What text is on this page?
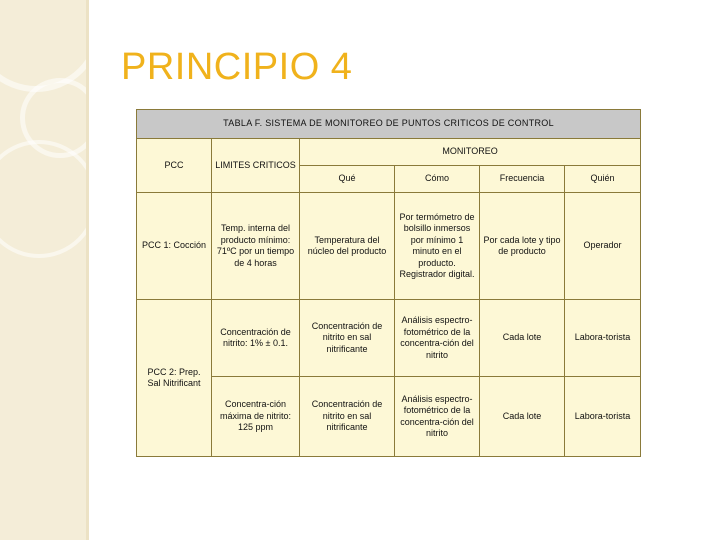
PRINCIPIO 4
TABLA F. SISTEMA DE MONITOREO DE PUNTOS CRITICOS DE CONTROL					
PCC	LIMITES CRITICOS	MONITOREO			
		Qué	Cómo	Frecuencia	Quién
PCC 1: Cocción	Temp. interna del producto mínimo: 71ºC por un tiempo de 4 horas	Temperatura del núcleo del producto	Por termómetro de bolsillo inmersos por mínimo 1 minuto en el producto. Registrador digital.	Por cada lote y tipo de producto	Operador
PCC 2: Prep. Sal Nitrificant	Concentración de nitrito: 1% ± 0.1.	Concentración de nitrito en sal nitrificante	Análisis espectro-fotométrico de la concentra-ción del nitrito	Cada lote	Labora-torista
	Concentra-ción máxima de nitrito: 125 ppm	Concentración de nitrito en sal nitrificante	Análisis espectro-fotométrico de la concentra-ción del nitrito	Cada lote	Labora-torista
